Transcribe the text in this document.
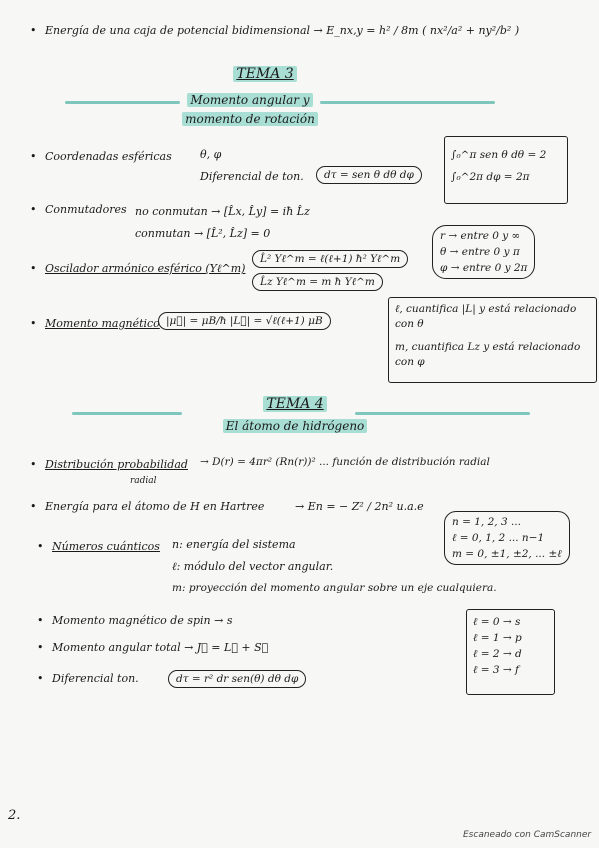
• Energía de una caja de potencial bidimensional → E_nx,y = h² / 8m ( nx²/a² + ny²/b² )
TEMA 3
Momento angular y
momento de rotación
• Coordenadas esféricas	θ, φ
Diferencial de ton.	dτ = sen θ dθ dφ
∫₀^π sen θ dθ = 2
∫₀^2π dφ = 2π
• Conmutadores no conmutan → [L̂x, L̂y] = iħ L̂z
conmutan → [L̂², L̂z] = 0	r → entre 0 y ∞
θ → entre 0 y π
φ → entre 0 y 2π
• Oscilador armónico esférico (Yℓ^m)
L̂² Yℓ^m = ℓ(ℓ+1) ħ² Yℓ^m
L̂z Yℓ^m = m ħ Yℓ^m
• Momento magnético |μ⃗| = μB/ħ |L⃗| = √ℓ(ℓ+1) μB
ℓ, cuantifica |L| y está relacionado con θ
m, cuantifica Lz y está relacionado con φ
TEMA 4
El átomo de hidrógeno
• Distribución probabilidad
radial
→ D(r) = 4πr² (Rn(r))² ... función de distribución radial
• Energía para el átomo de H en Hartree	→ En = − Z² / 2n² u.a.e
n = 1, 2, 3 ...
ℓ = 0, 1, 2 ... n−1
m = 0, ±1, ±2, ... ±ℓ
• Números cuánticos n: energía del sistema
ℓ: módulo del vector angular.
m: proyección del momento angular sobre un eje cualquiera.
• Momento magnético de spin → s
• Momento angular total → J⃗ = L⃗ + S⃗
ℓ = 0 → s
ℓ = 1 → p
ℓ = 2 → d
ℓ = 3 → f
• Diferencial ton.	dτ = r² dr sen(θ) dθ dφ
2.
Escaneado con CamScanner
